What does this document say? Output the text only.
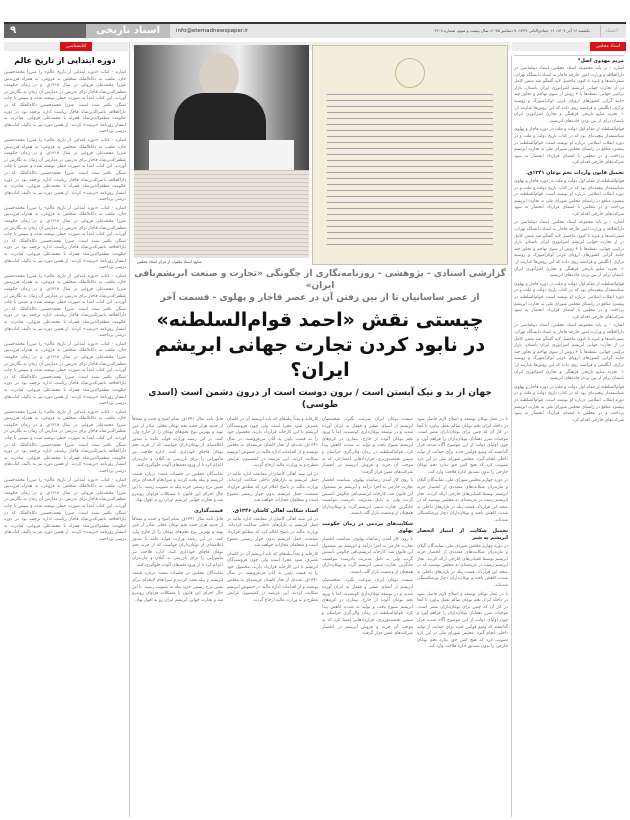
۹	اسناد تاریخی	info@etemadnewspaper.ir	یکشنبه ۱۶ آذر ۱۴۰۴، ۱۶ جمادی‌الثانی ۱۴۴۷، ۷ دسامبر ۲۰۲۵، سال بیست و سوم، شماره ۶۲۰۸	اعتماد
کتابشناسی
دوره ابتدایی از تاریخ عالم

اشاره - کتاب «دوره ابتدایی از تاریخ عالم» را میرزا محمدحسین خان، ملقب به ذکاءالملک متخلص به فروغی، به همراه فرزندش میرزا محمدعلی فروغی در سال ۱۳۱۸ق. و در زمان حکومت مظفرالدین‌شاه قاجار برای تدریس در مدارس آن زمان به نگارش در آوردند. این کتاب ابتدا به صورت خطی نوشته شده و سپس با چاپ سنگی تکثیر شده است. میرزا محمدحسین ذکاءالملک که در دارالخلافه ناصرالدین‌شاه قاجار ریاست اداره ترجمه بود در دوره حکومت مظفرالدین‌شاه همراه با محمدعلی فروغی، مبادرت به انتشار روزنامه «تربیت» کردند. از همین دوره نیز به تألیف کتاب‌های درسی پرداختند.

اشاره - کتاب «دوره ابتدایی از تاریخ عالم» را میرزا محمدحسین خان، ملقب به ذکاءالملک متخلص به فروغی، به همراه فرزندش میرزا محمدعلی فروغی در سال ۱۳۱۸ق. و در زمان حکومت مظفرالدین‌شاه قاجار برای تدریس در مدارس آن زمان به نگارش در آوردند. این کتاب ابتدا به صورت خطی نوشته شده و سپس با چاپ سنگی تکثیر شده است. میرزا محمدحسین ذکاءالملک که در دارالخلافه ناصرالدین‌شاه قاجار ریاست اداره ترجمه بود در دوره حکومت مظفرالدین‌شاه همراه با محمدعلی فروغی، مبادرت به انتشار روزنامه «تربیت» کردند. از همین دوره نیز به تألیف کتاب‌های درسی پرداختند.

اشاره - کتاب «دوره ابتدایی از تاریخ عالم» را میرزا محمدحسین خان، ملقب به ذکاءالملک متخلص به فروغی، به همراه فرزندش میرزا محمدعلی فروغی در سال ۱۳۱۸ق. و در زمان حکومت مظفرالدین‌شاه قاجار برای تدریس در مدارس آن زمان به نگارش در آوردند. این کتاب ابتدا به صورت خطی نوشته شده و سپس با چاپ سنگی تکثیر شده است. میرزا محمدحسین ذکاءالملک که در دارالخلافه ناصرالدین‌شاه قاجار ریاست اداره ترجمه بود در دوره حکومت مظفرالدین‌شاه همراه با محمدعلی فروغی، مبادرت به انتشار روزنامه «تربیت» کردند. از همین دوره نیز به تألیف کتاب‌های درسی پرداختند.

اشاره - کتاب «دوره ابتدایی از تاریخ عالم» را میرزا محمدحسین خان، ملقب به ذکاءالملک متخلص به فروغی، به همراه فرزندش میرزا محمدعلی فروغی در سال ۱۳۱۸ق. و در زمان حکومت مظفرالدین‌شاه قاجار برای تدریس در مدارس آن زمان به نگارش در آوردند. این کتاب ابتدا به صورت خطی نوشته شده و سپس با چاپ سنگی تکثیر شده است. میرزا محمدحسین ذکاءالملک که در دارالخلافه ناصرالدین‌شاه قاجار ریاست اداره ترجمه بود در دوره حکومت مظفرالدین‌شاه همراه با محمدعلی فروغی، مبادرت به انتشار روزنامه «تربیت» کردند. از همین دوره نیز به تألیف کتاب‌های درسی پرداختند.

اشاره - کتاب «دوره ابتدایی از تاریخ عالم» را میرزا محمدحسین خان، ملقب به ذکاءالملک متخلص به فروغی، به همراه فرزندش میرزا محمدعلی فروغی در سال ۱۳۱۸ق. و در زمان حکومت مظفرالدین‌شاه قاجار برای تدریس در مدارس آن زمان به نگارش در آوردند. این کتاب ابتدا به صورت خطی نوشته شده و سپس با چاپ سنگی تکثیر شده است. میرزا محمدحسین ذکاءالملک که در دارالخلافه ناصرالدین‌شاه قاجار ریاست اداره ترجمه بود در دوره حکومت مظفرالدین‌شاه همراه با محمدعلی فروغی، مبادرت به انتشار روزنامه «تربیت» کردند. از همین دوره نیز به تألیف کتاب‌های درسی پرداختند.

اشاره - کتاب «دوره ابتدایی از تاریخ عالم» را میرزا محمدحسین خان، ملقب به ذکاءالملک متخلص به فروغی، به همراه فرزندش میرزا محمدعلی فروغی در سال ۱۳۱۸ق. و در زمان حکومت مظفرالدین‌شاه قاجار برای تدریس در مدارس آن زمان به نگارش در آوردند. این کتاب ابتدا به صورت خطی نوشته شده و سپس با چاپ سنگی تکثیر شده است. میرزا محمدحسین ذکاءالملک که در دارالخلافه ناصرالدین‌شاه قاجار ریاست اداره ترجمه بود در دوره حکومت مظفرالدین‌شاه همراه با محمدعلی فروغی، مبادرت به انتشار روزنامه «تربیت» کردند. از همین دوره نیز به تألیف کتاب‌های درسی پرداختند.

اشاره - کتاب «دوره ابتدایی از تاریخ عالم» را میرزا محمدحسین خان، ملقب به ذکاءالملک متخلص به فروغی، به همراه فرزندش میرزا محمدعلی فروغی در سال ۱۳۱۸ق. و در زمان حکومت مظفرالدین‌شاه قاجار برای تدریس در مدارس آن زمان به نگارش در آوردند. این کتاب ابتدا به صورت خطی نوشته شده و سپس با چاپ سنگی تکثیر شده است. میرزا محمدحسین ذکاءالملک که در دارالخلافه ناصرالدین‌شاه قاجار ریاست اداره ترجمه بود در دوره حکومت مظفرالدین‌شاه همراه با محمدعلی فروغی، مبادرت به انتشار روزنامه «تربیت» کردند. از همین دوره نیز به تألیف کتاب‌های درسی پرداختند.

اسناد مجلس
مریم مهدوی اصل*

اشاره - بر پایه مجموعه اسناد مجلس، اسناد دیپلماسی در دارالخلافه و وزارت امور خارجه قاجار به اسناد دانشگاه تهران، سفرنامه‌ها و غیره تا کنون ماحصل لایه گفتگو شد شمن کامل در از تجارت جهانی ابریشم امپراتوری ایران باستان، بازار ترکیبی جهانی، نقطه‌ها با ۳ روش از سوی تهاجم و تجاوز چند جانبه گرایی کشورهای اروپای غربی لوکزامبورگ و روسیه تزاری، انگلیس و فرانسه روی داده که این روش‌ها عبارتند از: ۱- تجزیه منابع تاریخی فرهنگی و تجاری امپراتوری ایران باستان برای از بین بردن جاده‌های ابریشم.

قوام‌السلطنه از مقام اول دولت و ملت در دوره قاجار و پهلوی سیاستمدار پیچیده‌ای بود که در کتاب تاریخ دولت و ملت و در دوره انقلاب اسلامی درباره او نوشته است. قوام‌السلطنه در پیشبرد منافع در راستای مجلس شورای ملی به تجارت ابریشم پرداخت و در مجلس با امضای قرارداد انحصار به سود شرکت‌های خارجی اقدام کرد.

تحمیل قانون واردات تخم نوغان ۱۳۴۱ق.

قوام‌السلطنه از مقام اول دولت و ملت در دوره قاجار و پهلوی سیاستمدار پیچیده‌ای بود که در کتاب تاریخ دولت و ملت و در دوره انقلاب اسلامی درباره او نوشته است. قوام‌السلطنه در پیشبرد منافع در راستای مجلس شورای ملی به تجارت ابریشم پرداخت و در مجلس با امضای قرارداد انحصار به سود شرکت‌های خارجی اقدام کرد.

اشاره - بر پایه مجموعه اسناد مجلس، اسناد دیپلماسی در دارالخلافه و وزارت امور خارجه قاجار به اسناد دانشگاه تهران، سفرنامه‌ها و غیره تا کنون ماحصل لایه گفتگو شد شمن کامل در از تجارت جهانی ابریشم امپراتوری ایران باستان، بازار ترکیبی جهانی، نقطه‌ها با ۳ روش از سوی تهاجم و تجاوز چند جانبه گرایی کشورهای اروپای غربی لوکزامبورگ و روسیه تزاری، انگلیس و فرانسه روی داده که این روش‌ها عبارتند از: ۱- تجزیه منابع تاریخی فرهنگی و تجاری امپراتوری ایران باستان برای از بین بردن جاده‌های ابریشم.

قوام‌السلطنه از مقام اول دولت و ملت در دوره قاجار و پهلوی سیاستمدار پیچیده‌ای بود که در کتاب تاریخ دولت و ملت و در دوره انقلاب اسلامی درباره او نوشته است. قوام‌السلطنه در پیشبرد منافع در راستای مجلس شورای ملی به تجارت ابریشم پرداخت و در مجلس با امضای قرارداد انحصار به سود شرکت‌های خارجی اقدام کرد.

اشاره - بر پایه مجموعه اسناد مجلس، اسناد دیپلماسی در دارالخلافه و وزارت امور خارجه قاجار به اسناد دانشگاه تهران، سفرنامه‌ها و غیره تا کنون ماحصل لایه گفتگو شد شمن کامل در از تجارت جهانی ابریشم امپراتوری ایران باستان، بازار ترکیبی جهانی، نقطه‌ها با ۳ روش از سوی تهاجم و تجاوز چند جانبه گرایی کشورهای اروپای غربی لوکزامبورگ و روسیه تزاری، انگلیس و فرانسه روی داده که این روش‌ها عبارتند از: ۱- تجزیه منابع تاریخی فرهنگی و تجاری امپراتوری ایران باستان برای از بین بردن جاده‌های ابریشم.

قوام‌السلطنه از مقام اول دولت و ملت در دوره قاجار و پهلوی سیاستمدار پیچیده‌ای بود که در کتاب تاریخ دولت و ملت و در دوره انقلاب اسلامی درباره او نوشته است. قوام‌السلطنه در پیشبرد منافع در راستای مجلس شورای ملی به تجارت ابریشم پرداخت و در مجلس با امضای قرارداد انحصار به سود شرکت‌های خارجی اقدام کرد.

منابع: اسناد مکتوب از مرکز اسناد مجلس
گزارشی اسنادی - پژوهشی - روزنامه‌نگاری از چگونگی «تجارت و صنعت ابریشم‌بافی ایران»
از عصر ساسانیان تا از بین رفتن آن در عصر قاجار و پهلوی - قسمت آخر
چیستی نقش «احمد قوام‌السلطنه»
در نابود کردن تجارت جهانی ابریشم ایران؟
جهان از بد و نیک آبستن است / برون دوست است از درون دشمن است (اسدی طوسی)

با در عمل نوغان توسعه و اصلاح لازم حاصل شود در داخله ایران تخم نوغان سالم بعمل بیاورد تا آنجا در کار آن که چنین برای نوغان‌داران مضر است. موجبات ضرر دهقانان نوغان‌داران را فراهم آورد و چون اولیای دولت از این موضوع آگاه شدند قرار گذاشتند که وضع قوانین جدید برای حمایت از تولید داخلی انجام گیرد. مجلس شورای ملی در این باره تصویب کرد که هیچ کس حق ندارد تخم نوغان خارجی را بدون تصدیق اداره فلاحت وارد کند.

در دوره چهارم مجلس شورای ملی، نمایندگان گیلان و مازندران شکایت‌های متعددی از انحصار خرید ابریشم توسط کمپانی‌های خارجی ارائه کردند. تجار ابریشم رشت در عریضه‌ای به مجلس نوشتند که در نتیجه این قرارداد، قیمت پیله در بازارهای داخلی به شدت کاهش یافته و نوغان‌داران دچار ورشکستگی شده‌اند.

تحمیل شکایت از امتیاز انحصار ابریشم به شیر

در دوره چهارم مجلس شورای ملی، نمایندگان گیلان و مازندران شکایت‌های متعددی از انحصار خرید ابریشم توسط کمپانی‌های خارجی ارائه کردند. تجار ابریشم رشت در عریضه‌ای به مجلس نوشتند که در نتیجه این قرارداد، قیمت پیله در بازارهای داخلی به شدت کاهش یافته و نوغان‌داران دچار ورشکستگی شده‌اند.

با در عمل نوغان توسعه و اصلاح لازم حاصل شود در داخله ایران تخم نوغان سالم بعمل بیاورد تا آنجا در کار آن که چنین برای نوغان‌داران مضر است. موجبات ضرر دهقانان نوغان‌داران را فراهم آورد و چون اولیای دولت از این موضوع آگاه شدند قرار گذاشتند که وضع قوانین جدید برای حمایت از تولید داخلی انجام گیرد. مجلس شورای ملی در این باره تصویب کرد که هیچ کس حق ندارد تخم نوغان خارجی را بدون تصدیق اداره فلاحت وارد کند.

صنعت نوغان ایران سرعت بگیرد. متخصصان ابریشم از آسیای صغیر و قفقاز به ایران آورده شدند و در توسعه نوغان‌داری کوشیدند. اما با ورود تخم نوغان آلوده از خارج، بیماری در کرم‌های ابریشم شیوع یافت و تولید به شدت کاهش پیدا کرد. قوام‌السلطنه در زمان والی‌گری خراسان و سپس نخست‌وزیری، قراردادهایی امضا کرد که به موجب آن خرید و فروش ابریشم در انحصار شرکت‌های معین قرار گرفت.

با روی کار آمدن رضاشاه پهلوی، سیاست انحصار تجارت خارجی به اجرا درآمد و ابریشم نیز مشمول این قانون شد. کارخانه ابریشم‌بافی چالوس تأسیس گردید ولی به دلیل مدیریت نادرست نتوانست جایگزین تجارت سنتی ابریشم گردد و نوغان‌داران همچنان از وضعیت بازار گله داشتند.

شکایت‌های مردمی در زمان حکومت پهلوی

با روی کار آمدن رضاشاه پهلوی، سیاست انحصار تجارت خارجی به اجرا درآمد و ابریشم نیز مشمول این قانون شد. کارخانه ابریشم‌بافی چالوس تأسیس گردید ولی به دلیل مدیریت نادرست نتوانست جایگزین تجارت سنتی ابریشم گردد و نوغان‌داران همچنان از وضعیت بازار گله داشتند.

صنعت نوغان ایران سرعت بگیرد. متخصصان ابریشم از آسیای صغیر و قفقاز به ایران آورده شدند و در توسعه نوغان‌داری کوشیدند. اما با ورود تخم نوغان آلوده از خارج، بیماری در کرم‌های ابریشم شیوع یافت و تولید به شدت کاهش پیدا کرد. قوام‌السلطنه در زمان والی‌گری خراسان و سپس نخست‌وزیری، قراردادهایی امضا کرد که به موجب آن خرید و فروش ابریشم در انحصار شرکت‌های معین قرار گرفت.

کارخانه و بعداً پیله‌های که باید ابریشم آن در کاشان مصرف شود مجرا است ولی چون فروشندگان ابریشم با این کارخانه قرارداد دارند، محصول خود را به قیمت پایین به آنان می‌فروشند. در سال ۱۳۴۱ق. عده‌ای از تجار کاشان عریضه‌ای به مجلس نوشتند و از اقدامات اداره مالیه در خصوص ابریشم شکایت کردند. این عریضه در کمیسیون عرایض مطرح و به وزارت مالیه ارجاع گردید.

در این سند اهالی کاشان از ممانعت اداره مالیه در حمل ابریشم به بازارهای داخلی شکایت کرده‌اند. وزارت مالیه در پاسخ اعلام کرد که مطابق قرارداد منعقده، حمل ابریشم بدون جواز رسمی ممنوع است و متخلفان مجازات خواهند شد.

اسناد شکایت اهالی کاشان ۱۳۴۶ق.

در این سند اهالی کاشان از ممانعت اداره مالیه در حمل ابریشم به بازارهای داخلی شکایت کرده‌اند. وزارت مالیه در پاسخ اعلام کرد که مطابق قرارداد منعقده، حمل ابریشم بدون جواز رسمی ممنوع است و متخلفان مجازات خواهند شد.

کارخانه و بعداً پیله‌های که باید ابریشم آن در کاشان مصرف شود مجرا است ولی چون فروشندگان ابریشم با این کارخانه قرارداد دارند، محصول خود را به قیمت پایین به آنان می‌فروشند. در سال ۱۳۴۱ق. عده‌ای از تجار کاشان عریضه‌ای به مجلس نوشتند و از اقدامات اداره مالیه در خصوص ابریشم شکایت کردند. این عریضه در کمیسیون عرایض مطرح و به وزارت مالیه ارجاع گردید.

فایل نامه سال ۱۳۴۱ق. تمام امیخ و خنده و متعاقاً از حدود هزار جعبه تخم نوغان محلی صادر از عین تهیه و بهترین نوع تخم‌های نوغان را از خارج وارد کنند. در این زمینه وزارت فواید عامه با صدور اعلامیه‌ای از نوغان‌داران خواست که از خرید تخم نوغان قاچاق خودداری کنند. اداره فلاحت نیز مأمورانی را برای بازرسی به گیلان و مازندران اعزام کرد تا از ورود تخم‌های آلوده جلوگیری کنند.

نمایندگان مجلس در جلسات متعدد درباره قیمت ابریشم و پیله بحث کردند و سرانجام لایحه‌ای برای تعیین نرخ رسمی خرید پیله به تصویب رسید. با این حال اجرای این قانون با مشکلات فراوان روبه‌رو شد و تجارت جهانی ابریشم ایران رو به افول نهاد.

قیمت‌گذاری

فایل نامه سال ۱۳۴۱ق. تمام امیخ و خنده و متعاقاً از حدود هزار جعبه تخم نوغان محلی صادر از عین تهیه و بهترین نوع تخم‌های نوغان را از خارج وارد کنند. در این زمینه وزارت فواید عامه با صدور اعلامیه‌ای از نوغان‌داران خواست که از خرید تخم نوغان قاچاق خودداری کنند. اداره فلاحت نیز مأمورانی را برای بازرسی به گیلان و مازندران اعزام کرد تا از ورود تخم‌های آلوده جلوگیری کنند.

نمایندگان مجلس در جلسات متعدد درباره قیمت ابریشم و پیله بحث کردند و سرانجام لایحه‌ای برای تعیین نرخ رسمی خرید پیله به تصویب رسید. با این حال اجرای این قانون با مشکلات فراوان روبه‌رو شد و تجارت جهانی ابریشم ایران رو به افول نهاد.
